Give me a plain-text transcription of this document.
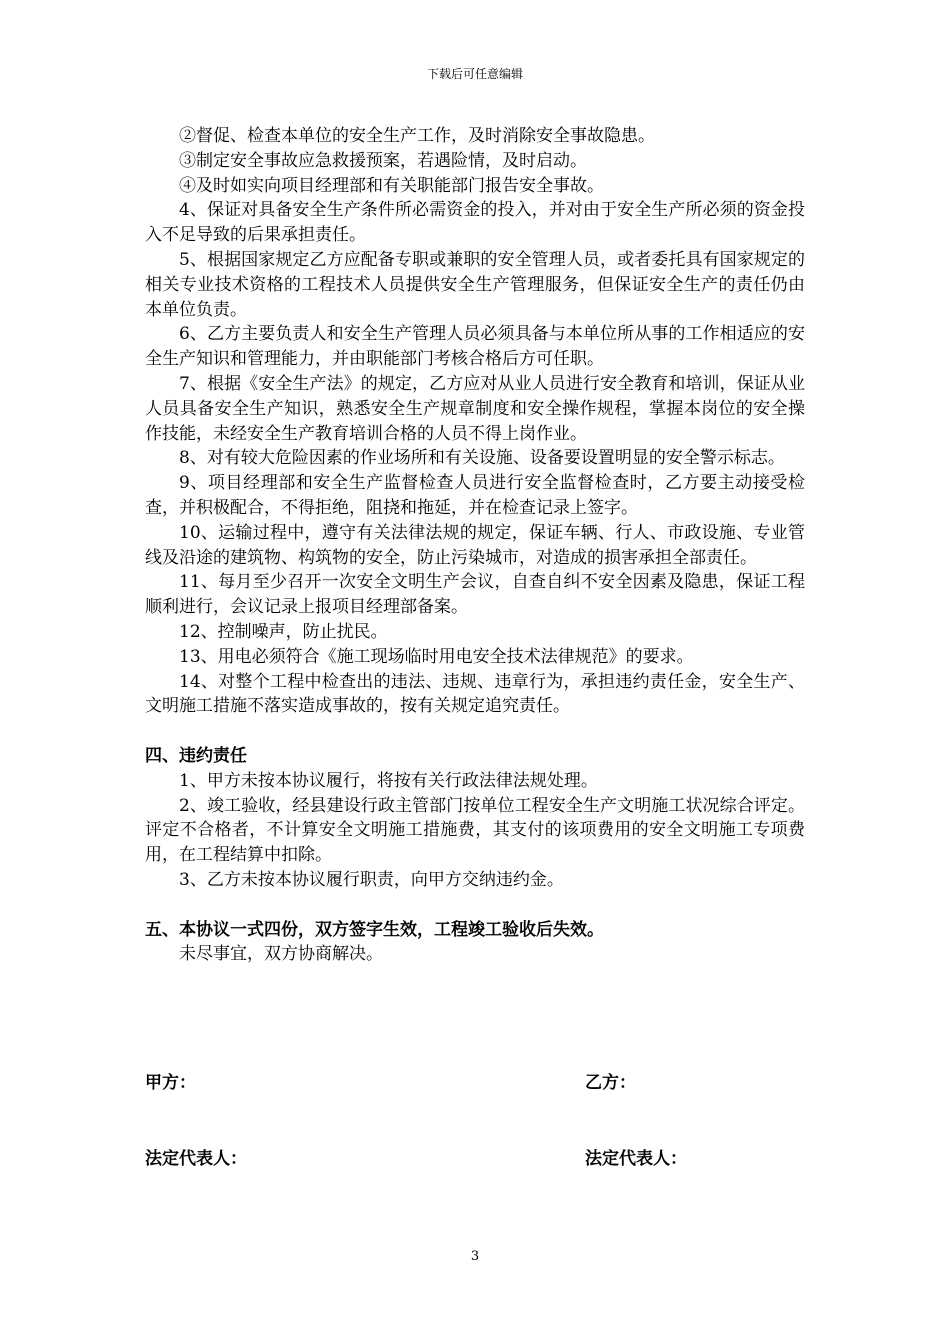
下载后可任意编辑

②督促、检查本单位的安全生产工作，及时消除安全事故隐患。

③制定安全事故应急救援预案，若遇险情，及时启动。

④及时如实向项目经理部和有关职能部门报告安全事故。

4、保证对具备安全生产条件所必需资金的投入，并对由于安全生产所必须的资金投入不足导致的后果承担责任。

5、根据国家规定乙方应配备专职或兼职的安全管理人员，或者委托具有国家规定的相关专业技术资格的工程技术人员提供安全生产管理服务，但保证安全生产的责任仍由本单位负责。

6、乙方主要负责人和安全生产管理人员必须具备与本单位所从事的工作相适应的安全生产知识和管理能力，并由职能部门考核合格后方可任职。

7、根据《安全生产法》的规定，乙方应对从业人员进行安全教育和培训，保证从业人员具备安全生产知识，熟悉安全生产规章制度和安全操作规程，掌握本岗位的安全操作技能，未经安全生产教育培训合格的人员不得上岗作业。

8、对有较大危险因素的作业场所和有关设施、设备要设置明显的安全警示标志。

9、项目经理部和安全生产监督检查人员进行安全监督检查时，乙方要主动接受检查，并积极配合，不得拒绝，阻挠和拖延，并在检查记录上签字。

10、运输过程中，遵守有关法律法规的规定，保证车辆、行人、市政设施、专业管线及沿途的建筑物、构筑物的安全，防止污染城市，对造成的损害承担全部责任。

11、每月至少召开一次安全文明生产会议，自查自纠不安全因素及隐患，保证工程顺利进行，会议记录上报项目经理部备案。

12、控制噪声，防止扰民。

13、用电必须符合《施工现场临时用电安全技术法律规范》的要求。

14、对整个工程中检查出的违法、违规、违章行为，承担违约责任金，安全生产、文明施工措施不落实造成事故的，按有关规定追究责任。

四、违约责任

1、甲方未按本协议履行，将按有关行政法律法规处理。

2、竣工验收，经县建设行政主管部门按单位工程安全生产文明施工状况综合评定。评定不合格者，不计算安全文明施工措施费，其支付的该项费用的安全文明施工专项费用，在工程结算中扣除。

3、乙方未按本协议履行职责，向甲方交纳违约金。

五、本协议一式四份，双方签字生效，工程竣工验收后失效。

未尽事宜，双方协商解决。

甲方：	乙方：
法定代表人：	法定代表人：
3
